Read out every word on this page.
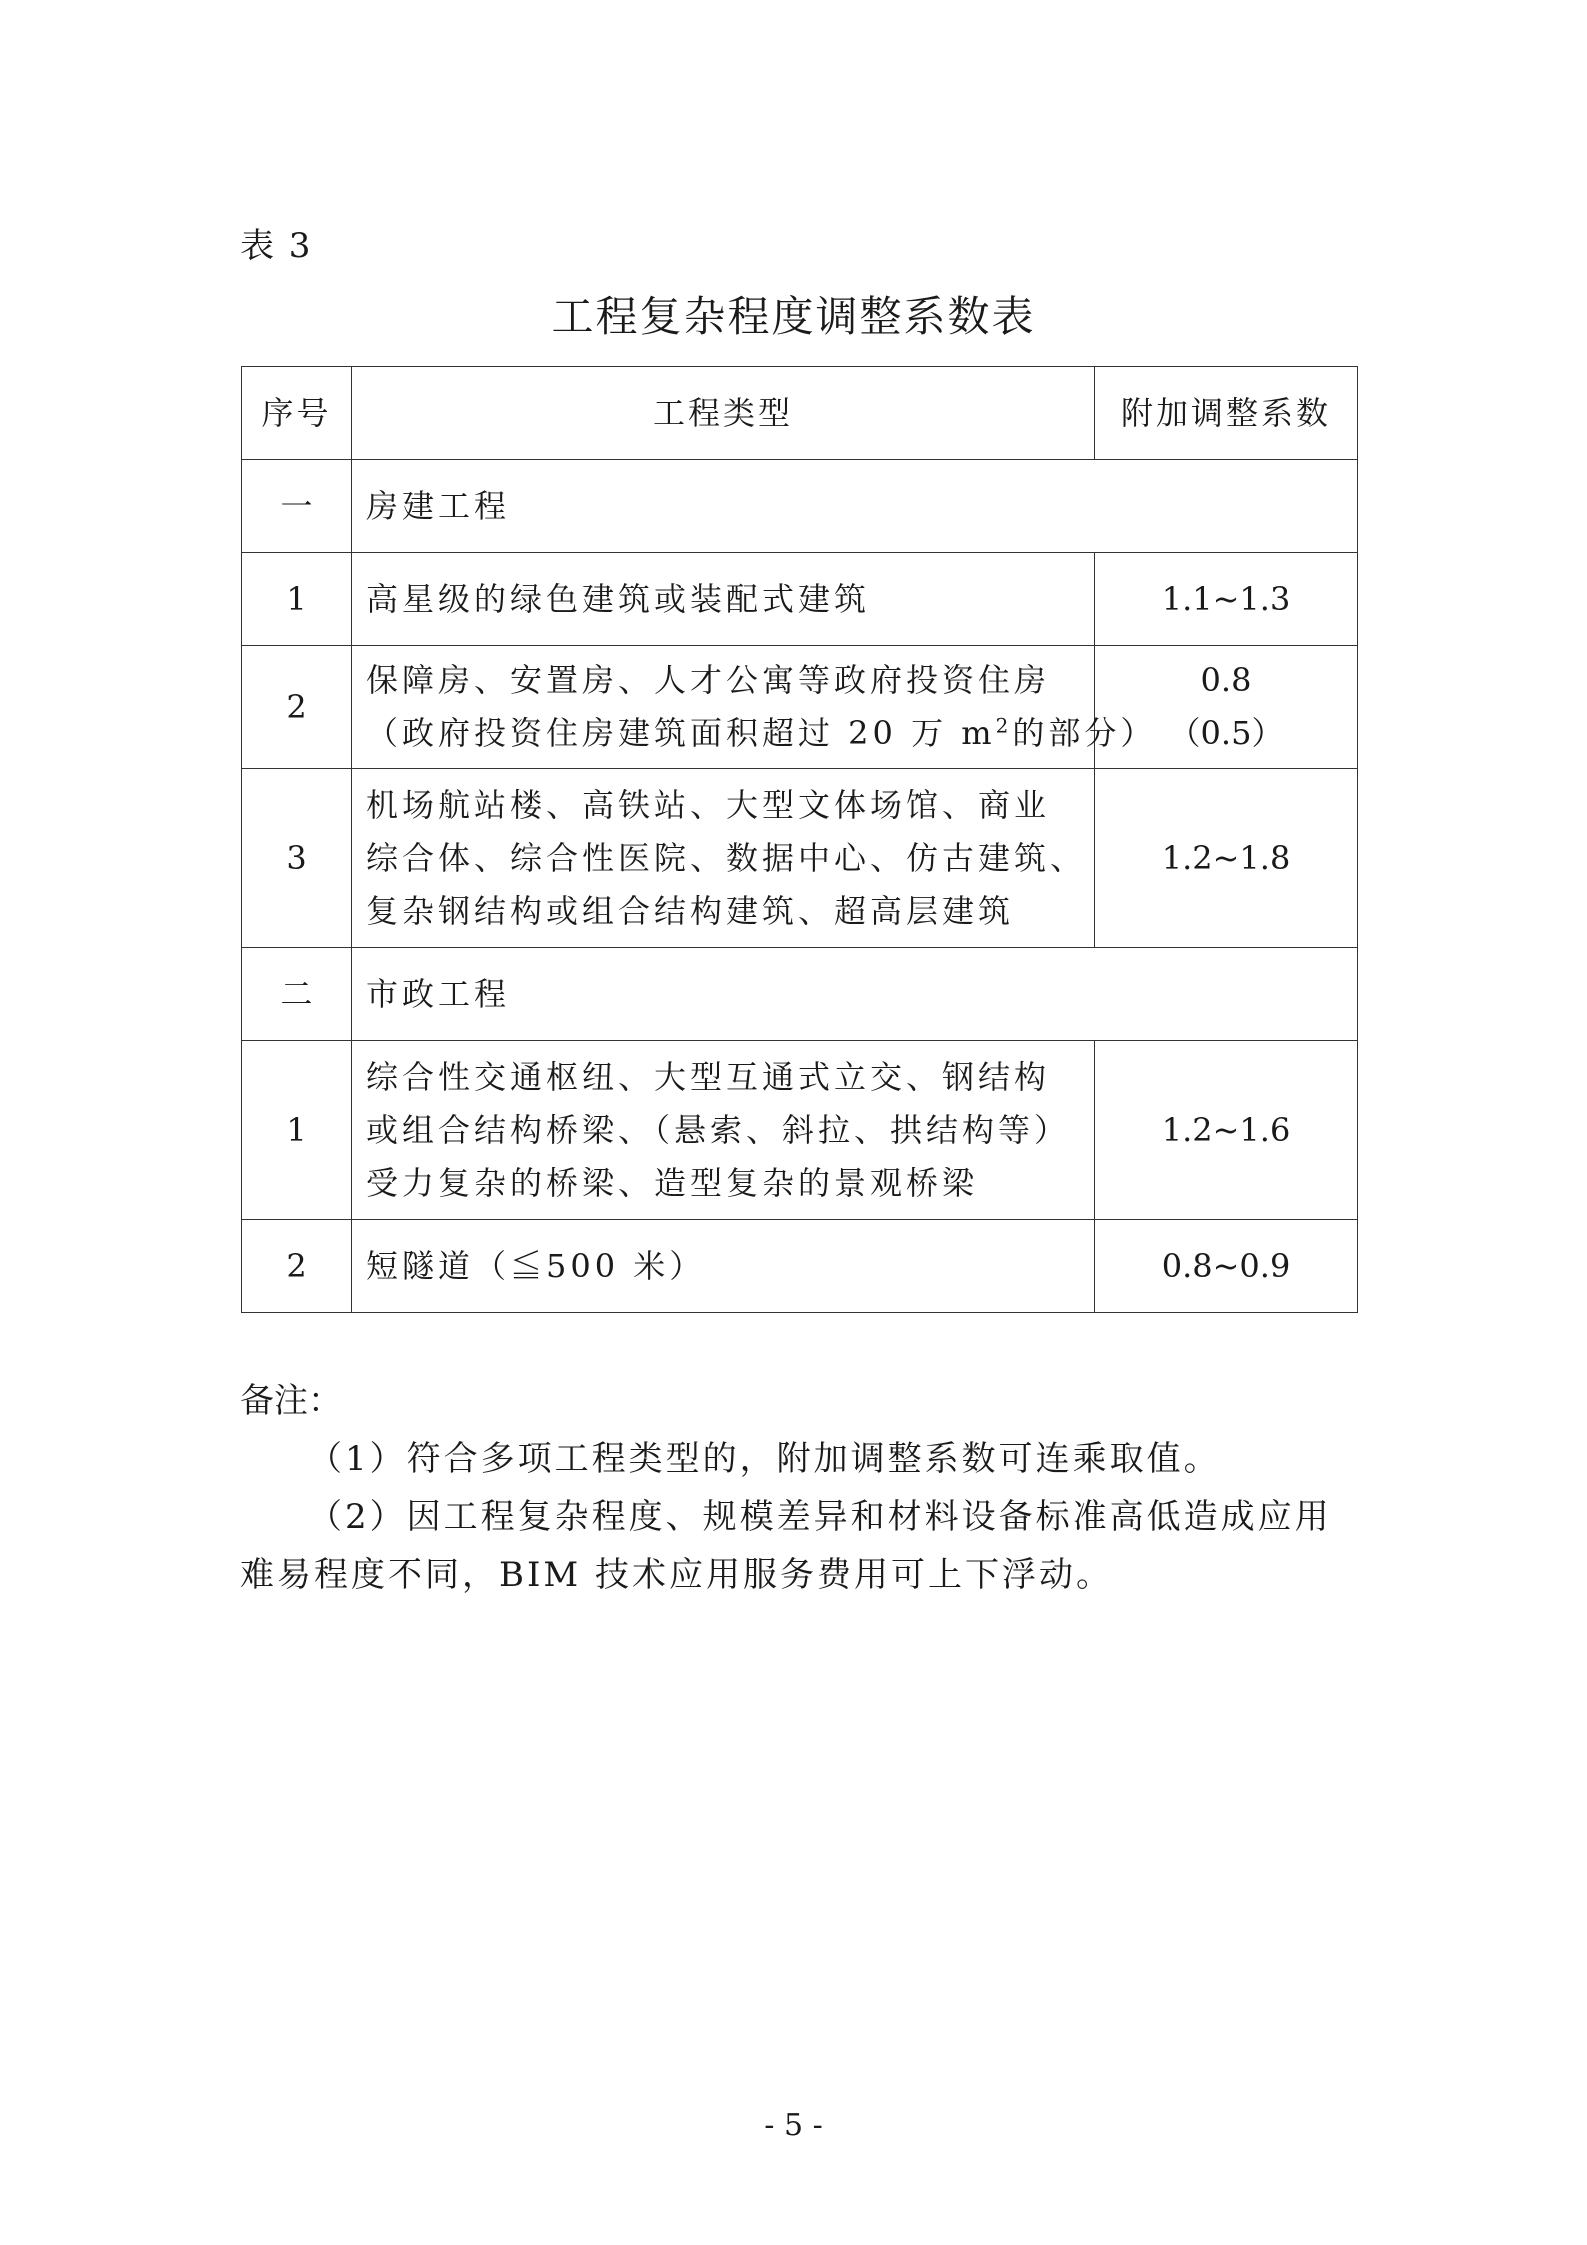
表 3
工程复杂程度调整系数表
序号	工程类型	附加调整系数
一	房建工程	
1	高星级的绿色建筑或装配式建筑	1.1~1.3

2	保障房、安置房、人才公寓等政府投资住房
（政府投资住房建筑面积超过 20 万 $m^2$的部分）	0.8
（0.5）

3	机场航站楼、高铁站、大型文体场馆、商业
综合体、综合性医院、数据中心、仿古建筑、
复杂钢结构或组合结构建筑、超高层建筑	1.2~1.8

二	市政工程	
1	综合性交通枢纽、大型互通式立交、钢结构
或组合结构桥梁、（悬索、斜拉、拱结构等）
受力复杂的桥梁、造型复杂的景观桥梁	1.2~1.6

2	短隧道（≦500 米）	0.8~0.9

备注：

（1）符合多项工程类型的，附加调整系数可连乘取值。

（2）因工程复杂程度、规模差异和材料设备标准高低造成应用

难易程度不同，BIM 技术应用服务费用可上下浮动。

- 5 -
